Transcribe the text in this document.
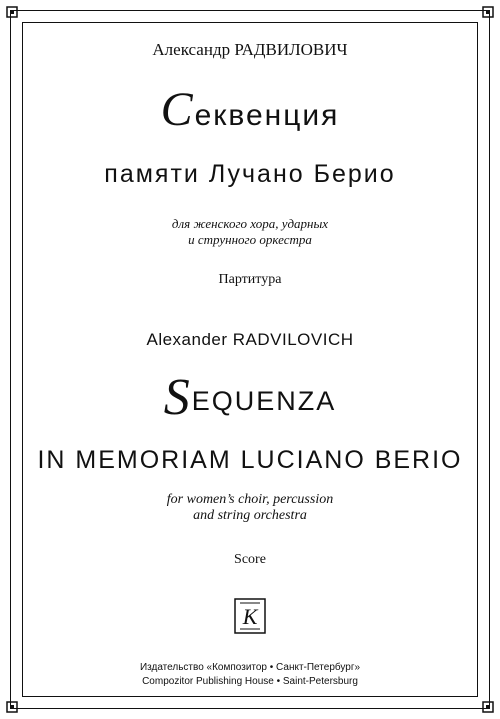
Александр РАДВИЛОВИЧ
Секвенция
памяти Лучано Берио
для женского хора, ударных
и струнного оркестра
Партитура
Alexander RADVILOVICH
SEQUENZA
IN MEMORIAM LUCIANO BERIO
for women’s choir, percussion
and string orchestra
Score
К
Издательство «Композитор • Санкт-Петербург»
Compozitor Publishing House • Saint-Petersburg
